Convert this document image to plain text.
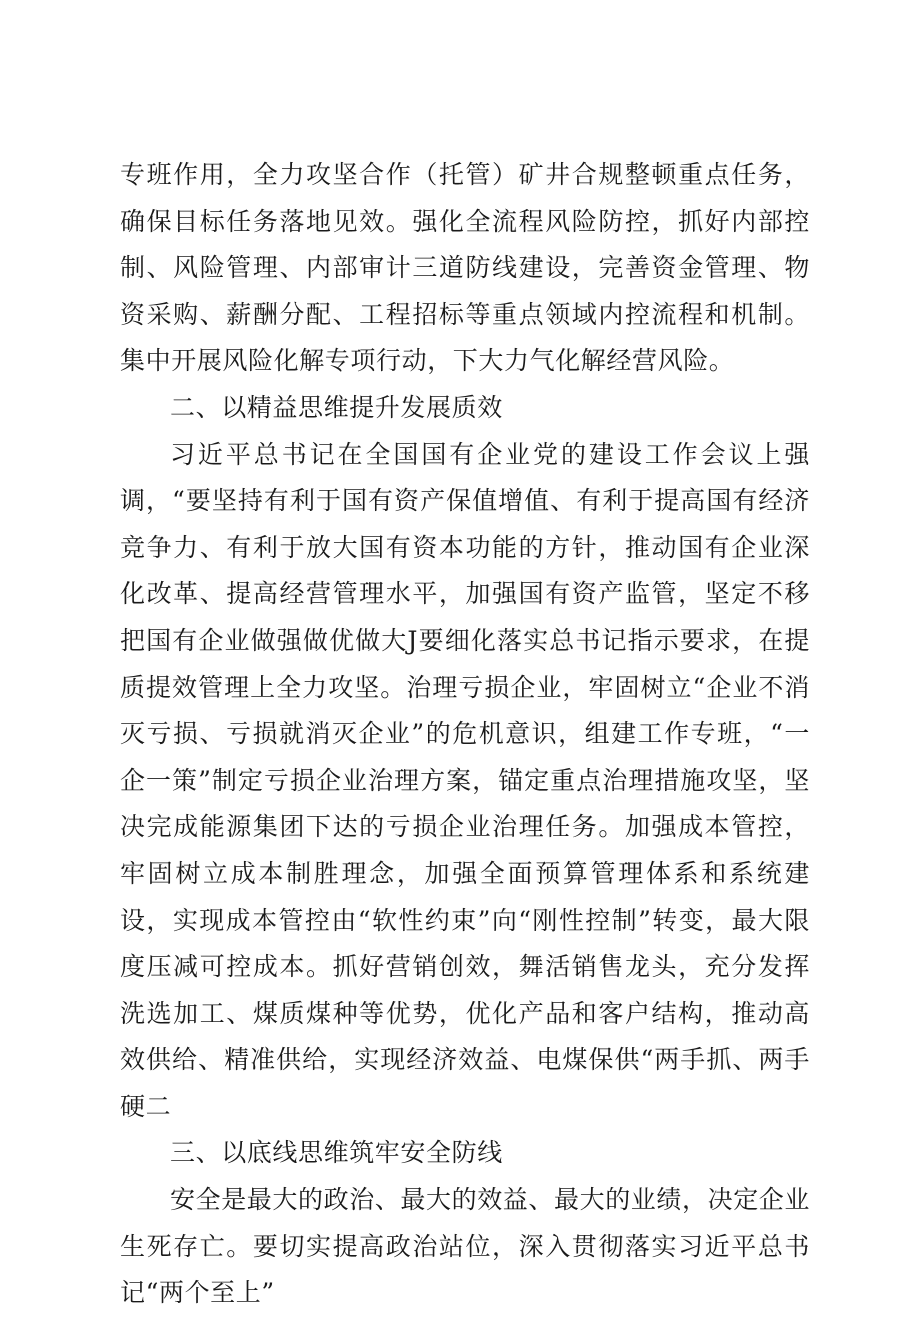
专班作用，全力攻坚合作（托管）矿井合规整顿重点任务，确保目标任务落地见效。强化全流程风险防控，抓好内部控制、风险管理、内部审计三道防线建设，完善资金管理、物资采购、薪酬分配、工程招标等重点领域内控流程和机制。集中开展风险化解专项行动，下大力气化解经营风险。

二、以精益思维提升发展质效

习近平总书记在全国国有企业党的建设工作会议上强调，“要坚持有利于国有资产保值增值、有利于提高国有经济竞争力、有利于放大国有资本功能的方针，推动国有企业深化改革、提高经营管理水平，加强国有资产监管，坚定不移把国有企业做强做优做大J要细化落实总书记指示要求，在提质提效管理上全力攻坚。治理亏损企业，牢固树立“企业不消灭亏损、亏损就消灭企业”的危机意识，组建工作专班，“一企一策”制定亏损企业治理方案，锚定重点治理措施攻坚，坚决完成能源集团下达的亏损企业治理任务。加强成本管控，牢固树立成本制胜理念，加强全面预算管理体系和系统建设，实现成本管控由“软性约束”向“刚性控制”转变，最大限度压减可控成本。抓好营销创效，舞活销售龙头，充分发挥洗选加工、煤质煤种等优势，优化产品和客户结构，推动高效供给、精准供给，实现经济效益、电煤保供“两手抓、两手硬二

三、以底线思维筑牢安全防线

安全是最大的政治、最大的效益、最大的业绩，决定企业生死存亡。要切实提高政治站位，深入贯彻落实习近平总书记“两个至上”
